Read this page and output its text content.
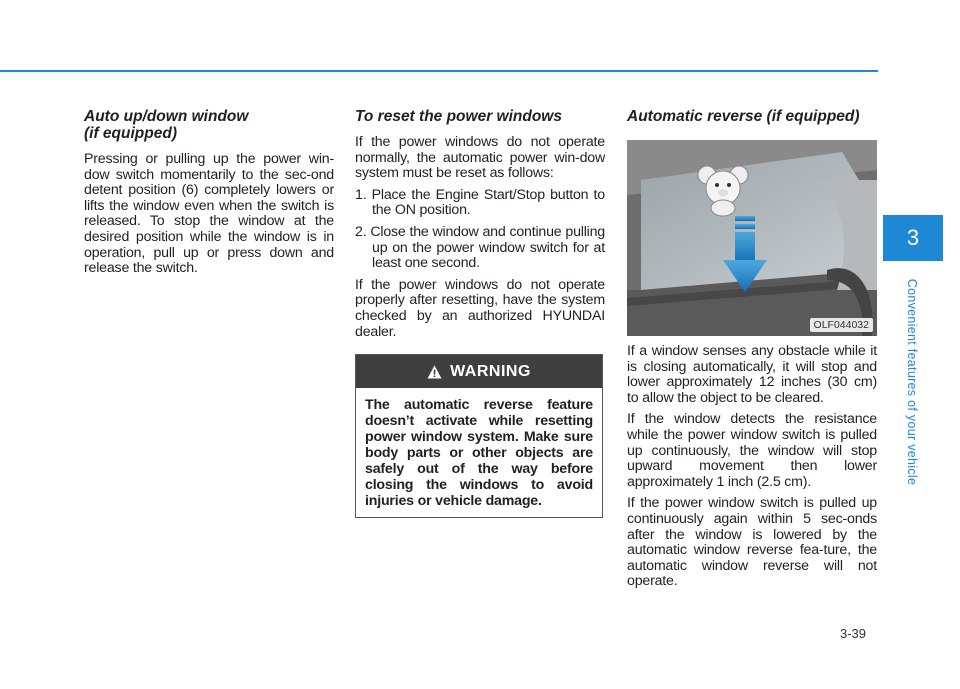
Auto up/down window
(if equipped)

Pressing or pulling up the power win-dow switch momentarily to the sec-ond detent position (6) completely lowers or lifts the window even when the switch is released. To stop the window at the desired position while the window is in operation, pull up or press down and release the switch.

To reset the power windows

If the power windows do not operate normally, the automatic power win-dow system must be reset as follows:

1. Place the Engine Start/Stop button to the ON position.
2. Close the window and continue pulling up on the power window switch for at least one second.

If the power windows do not operate properly after resetting, have the system checked by an authorized HYUNDAI dealer.

WARNING
The automatic reverse feature doesn’t activate while resetting power window system. Make sure body parts or other objects are safely out of the way before closing the windows to avoid injuries or vehicle damage.
Automatic reverse (if equipped)
OLF044032

If a window senses any obstacle while it is closing automatically, it will stop and lower approximately 12 inches (30 cm) to allow the object to be cleared.

If the window detects the resistance while the power window switch is pulled up continuously, the window will stop upward movement then lower approximately 1 inch (2.5 cm).

If the power window switch is pulled up continuously again within 5 sec-onds after the window is lowered by the automatic window reverse fea-ture, the automatic window reverse will not operate.

3
Convenient features of your vehicle
3-39
